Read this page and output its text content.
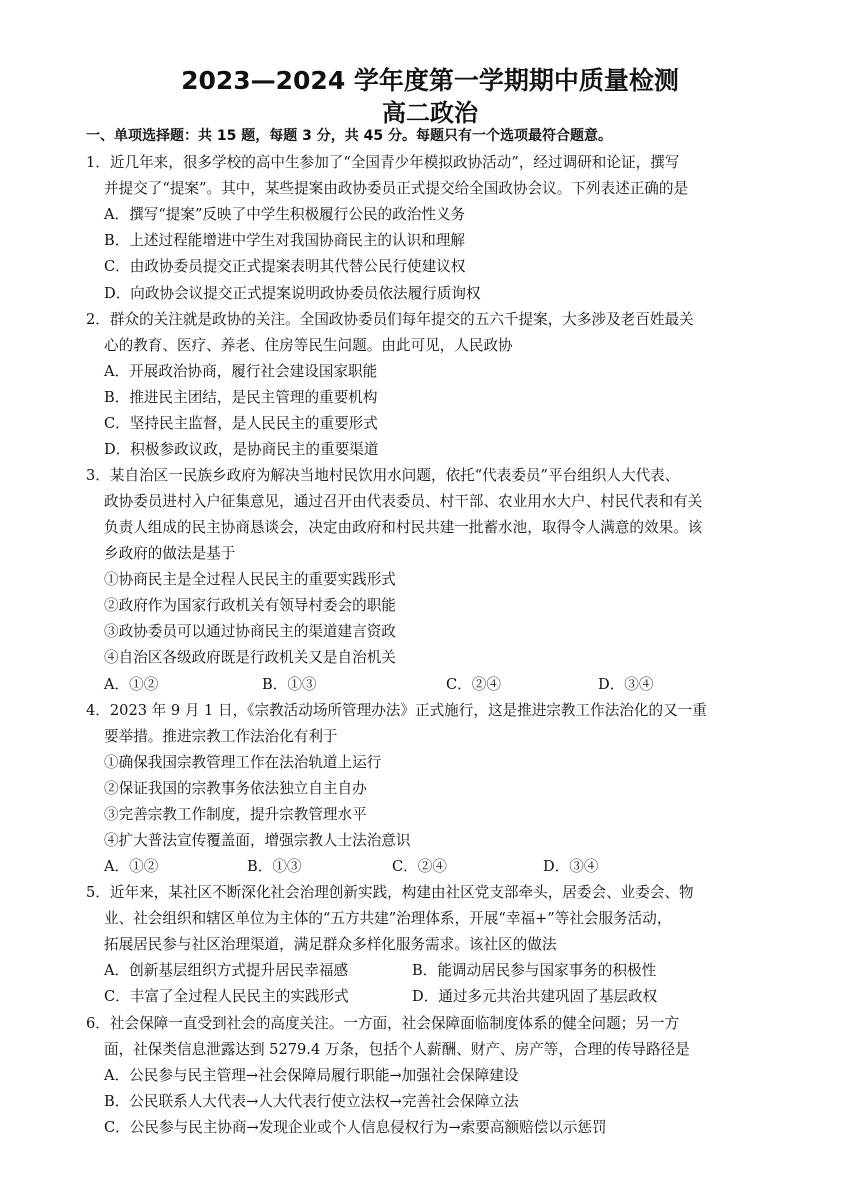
2023—2024 学年度第一学期期中质量检测
高二政治
一、单项选择题：共 15 题，每题 3 分，共 45 分。每题只有一个选项最符合题意。
1．近几年来，很多学校的高中生参加了“全国青少年模拟政协活动”，经过调研和论证，撰写
并提交了“提案”。其中，某些提案由政协委员正式提交给全国政协会议。下列表述正确的是
A．撰写“提案”反映了中学生积极履行公民的政治性义务
B．上述过程能增进中学生对我国协商民主的认识和理解
C．由政协委员提交正式提案表明其代替公民行使建议权
D．向政协会议提交正式提案说明政协委员依法履行质询权
2．群众的关注就是政协的关注。全国政协委员们每年提交的五六千提案，大多涉及老百姓最关
心的教育、医疗、养老、住房等民生问题。由此可见，人民政协
A．开展政治协商，履行社会建设国家职能
B．推进民主团结，是民主管理的重要机构
C．坚持民主监督，是人民民主的重要形式
D．积极参政议政，是协商民主的重要渠道
3．某自治区一民族乡政府为解决当地村民饮用水问题，依托“代表委员”平台组织人大代表、
政协委员进村入户征集意见，通过召开由代表委员、村干部、农业用水大户、村民代表和有关
负责人组成的民主协商恳谈会，决定由政府和村民共建一批蓄水池，取得令人满意的效果。该
乡政府的做法是基于
①协商民主是全过程人民民主的重要实践形式
②政府作为国家行政机关有领导村委会的职能
③政协委员可以通过协商民主的渠道建言资政
④自治区各级政府既是行政机关又是自治机关
A．①②	B．①③	C．②④	D．③④
4．2023 年 9 月 1 日，《宗教活动场所管理办法》正式施行，这是推进宗教工作法治化的又一重
要举措。推进宗教工作法治化有利于
①确保我国宗教管理工作在法治轨道上运行
②保证我国的宗教事务依法独立自主自办
③完善宗教工作制度，提升宗教管理水平
④扩大普法宣传覆盖面，增强宗教人士法治意识
A．①②	B．①③	C．②④	D．③④
5．近年来，某社区不断深化社会治理创新实践，构建由社区党支部牵头，居委会、业委会、物
业、社会组织和辖区单位为主体的“五方共建”治理体系，开展“幸福+”等社会服务活动，
拓展居民参与社区治理渠道，满足群众多样化服务需求。该社区的做法
A．创新基层组织方式提升居民幸福感	B．能调动居民参与国家事务的积极性
C．丰富了全过程人民民主的实践形式	D．通过多元共治共建巩固了基层政权
6．社会保障一直受到社会的高度关注。一方面，社会保障面临制度体系的健全问题；另一方
面，社保类信息泄露达到 5279.4 万条，包括个人薪酬、财产、房产等，合理的传导路径是
A．公民参与民主管理→社会保障局履行职能→加强社会保障建设
B．公民联系人大代表→人大代表行使立法权→完善社会保障立法
C．公民参与民主协商→发现企业或个人信息侵权行为→索要高额赔偿以示惩罚
